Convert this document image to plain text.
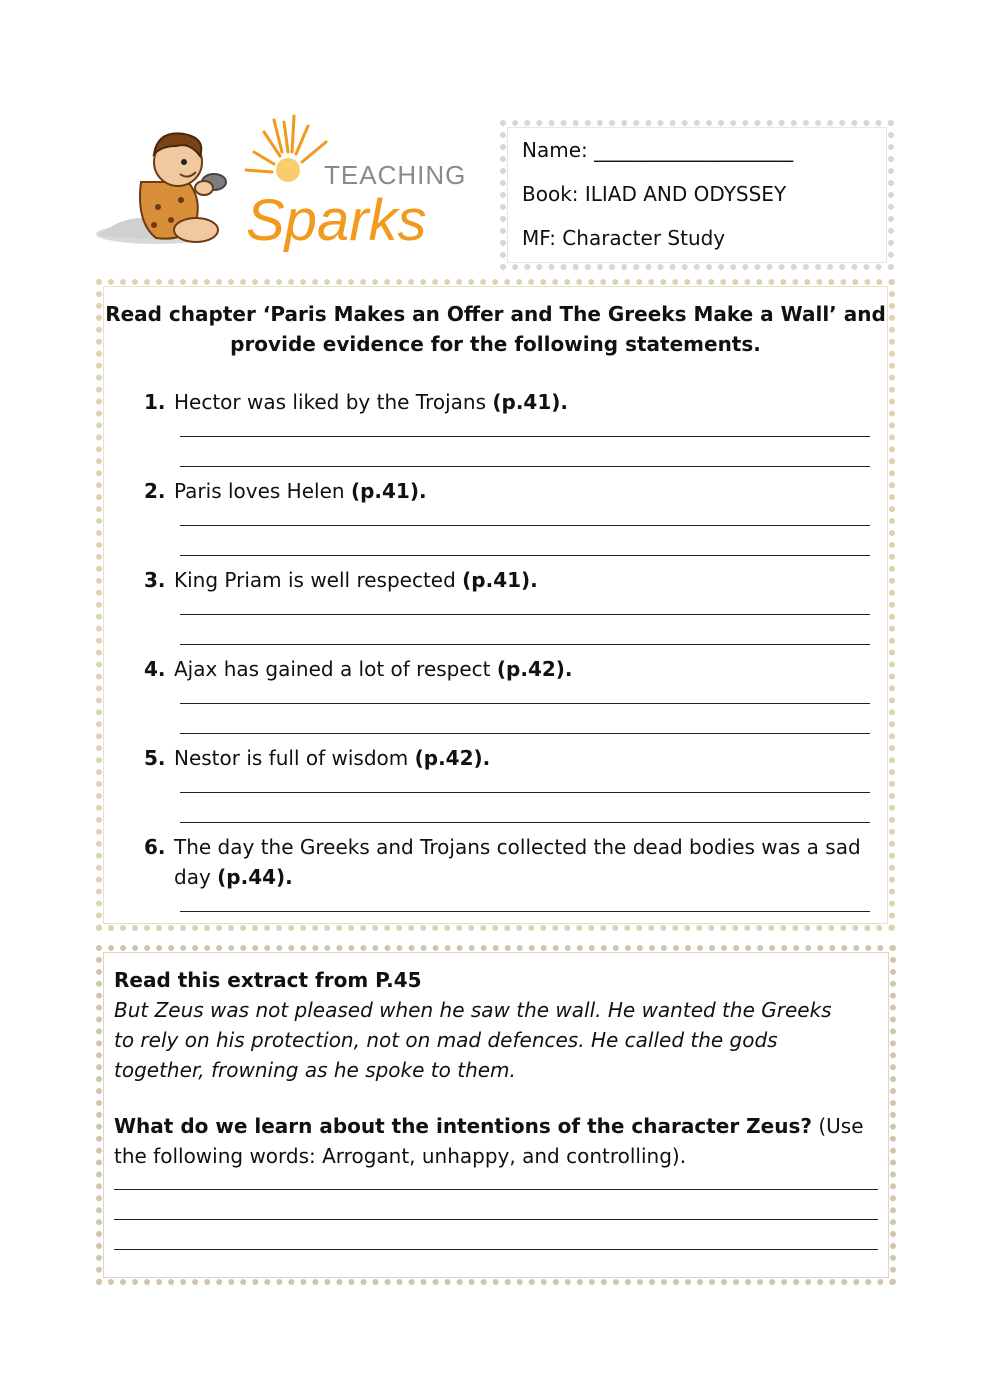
TEACHING
Sparks
Name: ______________________
Book: ILIAD AND ODYSSEY
MF: Character Study
Read chapter ‘Paris Makes an Offer and The Greeks Make a Wall’ and
provide evidence for the following statements.
1. Hector was liked by the Trojans (p.41).
2. Paris loves Helen (p.41).
3. King Priam is well respected (p.41).
4. Ajax has gained a lot of respect (p.42).
5. Nestor is full of wisdom (p.42).
6. The day the Greeks and Trojans collected the dead bodies was a sad day (p.44).
Read this extract from P.45
But Zeus was not pleased when he saw the wall. He wanted the Greeks to rely on his protection, not on mad defences. He called the gods together, frowning as he spoke to them.
What do we learn about the intentions of the character Zeus? (Use the following words: Arrogant, unhappy, and controlling).
